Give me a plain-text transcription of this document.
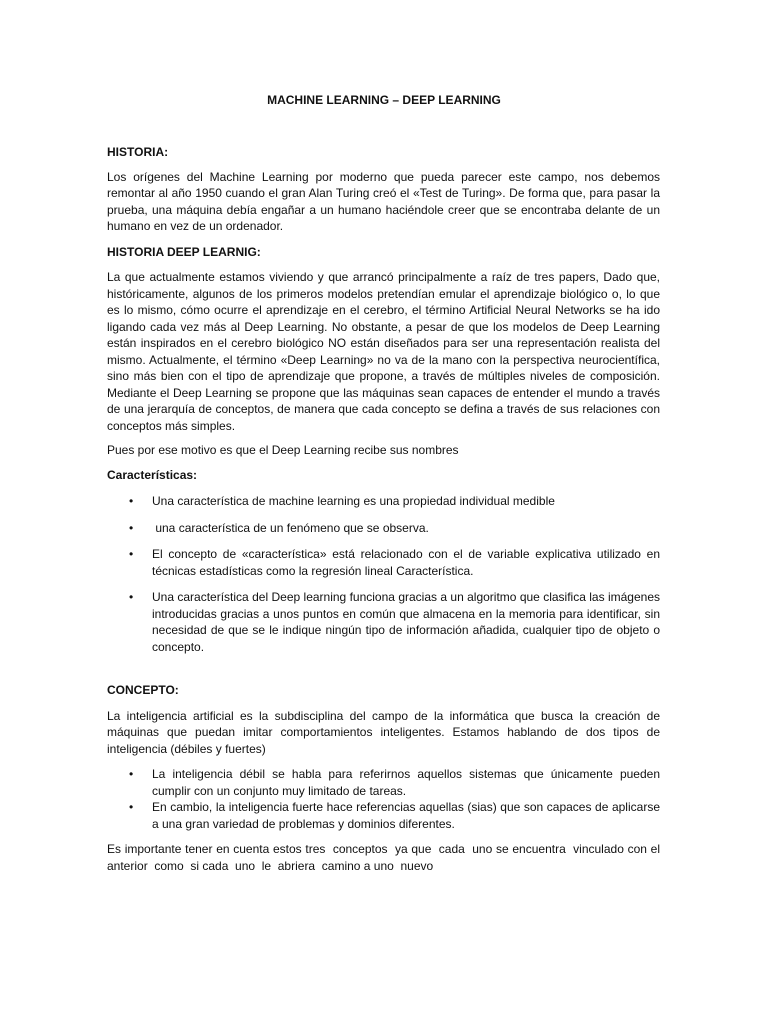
MACHINE LEARNING – DEEP LEARNING
HISTORIA:

Los orígenes del Machine Learning por moderno que pueda parecer este campo, nos debemos remontar al año 1950 cuando el gran Alan Turing creó el «Test de Turing». De forma que, para pasar la prueba, una máquina debía engañar a un humano haciéndole creer que se encontraba delante de un humano en vez de un ordenador.

HISTORIA DEEP LEARNIG:

La que actualmente estamos viviendo y que arrancó principalmente a raíz de tres papers, Dado que, históricamente, algunos de los primeros modelos pretendían emular el aprendizaje biológico o, lo que es lo mismo, cómo ocurre el aprendizaje en el cerebro, el término Artificial Neural Networks se ha ido ligando cada vez más al Deep Learning. No obstante, a pesar de que los modelos de Deep Learning están inspirados en el cerebro biológico NO están diseñados para ser una representación realista del mismo. Actualmente, el término «Deep Learning» no va de la mano con la perspectiva neurocientífica, sino más bien con el tipo de aprendizaje que propone, a través de múltiples niveles de composición. Mediante el Deep Learning se propone que las máquinas sean capaces de entender el mundo a través de una jerarquía de conceptos, de manera que cada concepto se defina a través de sus relaciones con conceptos más simples.

Pues por ese motivo es que el Deep Learning recibe sus nombres

Características:
• Una característica de machine learning es una propiedad individual medible
• una característica de un fenómeno que se observa.
• El concepto de «característica» está relacionado con el de variable explicativa utilizado en técnicas estadísticas como la regresión lineal Característica.
• Una característica del Deep learning funciona gracias a un algoritmo que clasifica las imágenes introducidas gracias a unos puntos en común que almacena en la memoria para identificar, sin necesidad de que se le indique ningún tipo de información añadida, cualquier tipo de objeto o concepto.
CONCEPTO:

La inteligencia artificial es la subdisciplina del campo de la informática que busca la creación de máquinas que puedan imitar comportamientos inteligentes. Estamos hablando de dos tipos de inteligencia (débiles y fuertes)

• La inteligencia débil se habla para referirnos aquellos sistemas que únicamente pueden cumplir con un conjunto muy limitado de tareas.
• En cambio, la inteligencia fuerte hace referencias aquellas (sias) que son capaces de aplicarse a una gran variedad de problemas y dominios diferentes.

Es importante tener en cuenta estos tres  conceptos  ya que  cada  uno se encuentra  vinculado con el anterior  como  si cada  uno  le  abriera  camino a uno  nuevo
